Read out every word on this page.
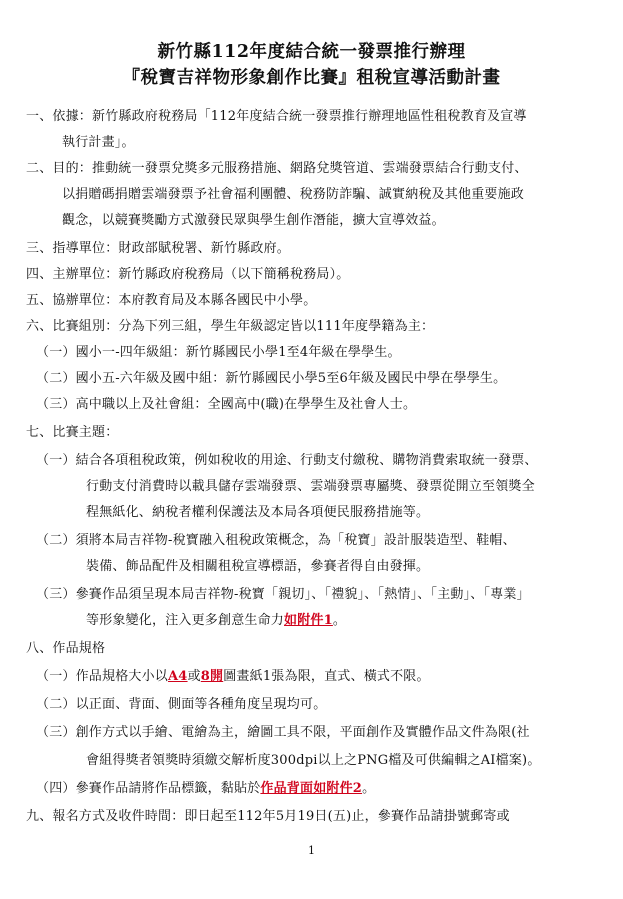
新竹縣112年度結合統一發票推行辦理
『稅寶吉祥物形象創作比賽』租稅宣導活動計畫
一、依據：新竹縣政府稅務局「112年度結合統一發票推行辦理地區性租稅教育及宣導
執行計畫」。
二、目的：推動統一發票兌獎多元服務措施、網路兌獎管道、雲端發票結合行動支付、
以捐贈碼捐贈雲端發票予社會福利團體、稅務防詐騙、誠實納稅及其他重要施政
觀念，以競賽獎勵方式激發民眾與學生創作潛能，擴大宣導效益。
三、指導單位：財政部賦稅署、新竹縣政府。
四、主辦單位：新竹縣政府稅務局（以下簡稱稅務局）。
五、協辦單位：本府教育局及本縣各國民中小學。
六、比賽組別：分為下列三組，學生年級認定皆以111年度學籍為主：
（一）國小一-四年級組：新竹縣國民小學1至4年級在學學生。
（二）國小五-六年級及國中組：新竹縣國民小學5至6年級及國民中學在學學生。
（三）高中職以上及社會組：全國高中(職)在學學生及社會人士。
七、比賽主題：
（一）結合各項租稅政策，例如稅收的用途、行動支付繳稅、購物消費索取統一發票、
行動支付消費時以載具儲存雲端發票、雲端發票專屬獎、發票從開立至領獎全
程無紙化、納稅者權利保護法及本局各項便民服務措施等。
（二）須將本局吉祥物-稅寶融入租稅政策概念，為「稅寶」設計服裝造型、鞋帽、
裝備、飾品配件及相關租稅宣導標語，參賽者得自由發揮。
（三）參賽作品須呈現本局吉祥物-稅寶「親切」、「禮貌」、「熱情」、「主動」、「專業」
等形象變化，注入更多創意生命力如附件1。
八、作品規格
（一）作品規格大小以A4或8開圖畫紙1張為限，直式、橫式不限。
（二）以正面、背面、側面等各種角度呈現均可。
（三）創作方式以手繪、電繪為主，繪圖工具不限，平面創作及實體作品文件為限(社
會組得獎者領獎時須繳交解析度300dpi以上之PNG檔及可供編輯之AI檔案)。
（四）參賽作品請將作品標籤，黏貼於作品背面如附件2。
九、報名方式及收件時間：即日起至112年5月19日(五)止，參賽作品請掛號郵寄或
1
